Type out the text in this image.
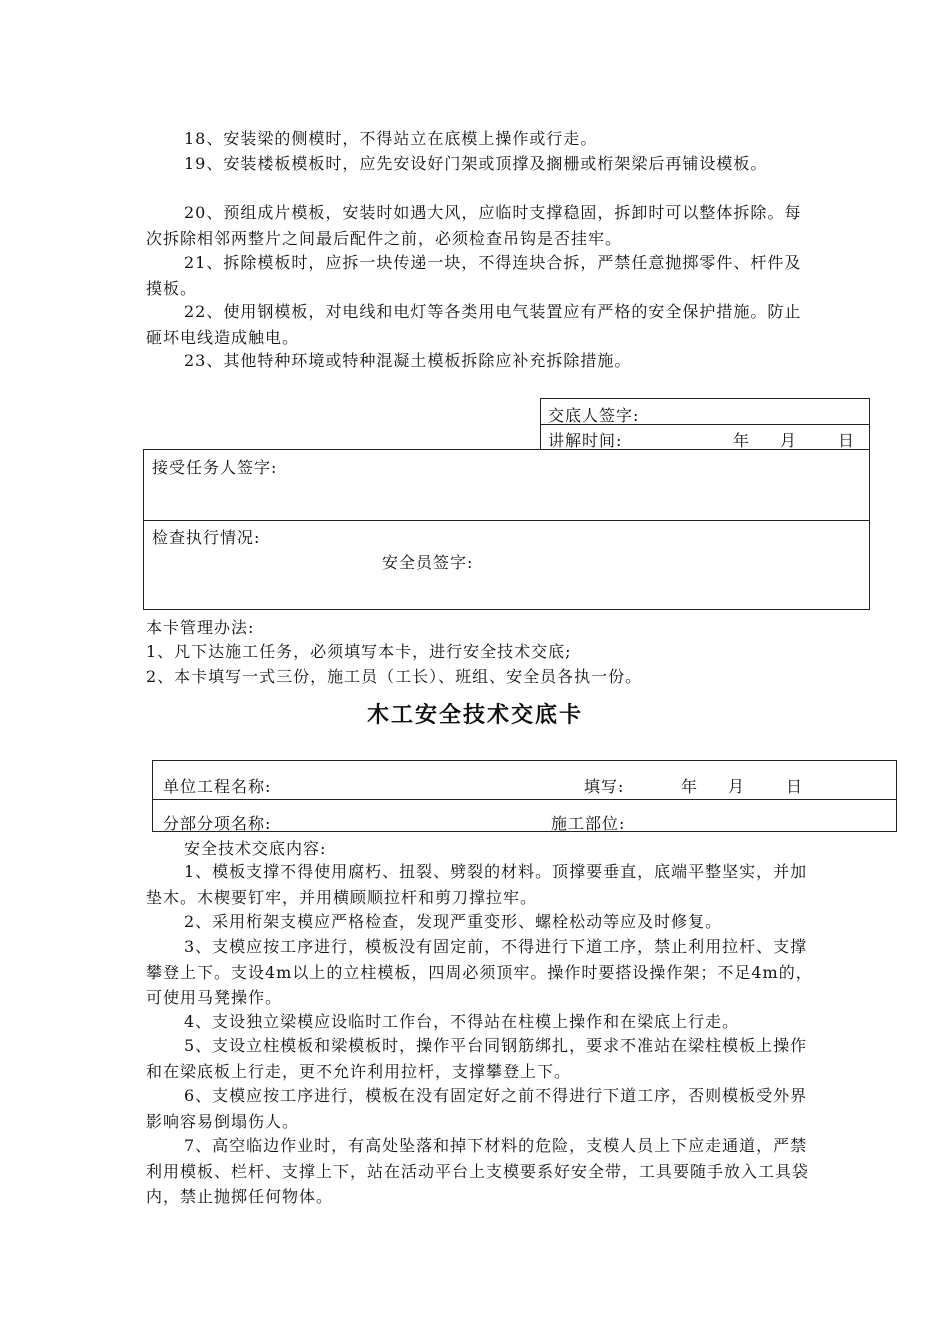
18、安装梁的侧模时，不得站立在底模上操作或行走。

19、安装楼板模板时，应先安设好门架或顶撑及搁栅或桁架梁后再铺设模板。

20、预组成片模板，安装时如遇大风，应临时支撑稳固，拆卸时可以整体拆除。每次拆除相邻两整片之间最后配件之前，必须检查吊钩是否挂牢。

21、拆除模板时，应拆一块传递一块，不得连块合拆，严禁任意抛掷零件、杆件及摸板。

22、使用钢模板，对电线和电灯等各类用电气装置应有严格的安全保护措施。防止砸坏电线造成触电。

23、其他特种环境或特种混凝土模板拆除应补充拆除措施。

交底人签字:
讲解时间:	年 月	日
接受任务人签字:
检查执行情况:
安全员签字:
本卡管理办法:
1、凡下达施工任务，必须填写本卡，进行安全技术交底;
2、本卡填写一式三份，施工员（工长）、班组、安全员各执一份。
木工安全技术交底卡
单位工程名称:	填写:	年 月	日
分部分项名称:	施工部位:
安全技术交底内容:

1、模板支撑不得使用腐朽、扭裂、劈裂的材料。顶撑要垂直，底端平整坚实，并加垫木。木楔要钉牢，并用横顾顺拉杆和剪刀撑拉牢。

2、采用桁架支模应严格检查，发现严重变形、螺栓松动等应及时修复。

3、支模应按工序进行，模板没有固定前，不得进行下道工序，禁止利用拉杆、支撑攀登上下。支设4m以上的立柱模板，四周必须顶牢。操作时要搭设操作架；不足4m的，可使用马凳操作。

4、支设独立梁模应设临时工作台，不得站在柱模上操作和在梁底上行走。

5、支设立柱模板和梁模板时，操作平台同钢筋绑扎，要求不准站在梁柱模板上操作和在梁底板上行走，更不允许利用拉杆，支撑攀登上下。

6、支模应按工序进行，模板在没有固定好之前不得进行下道工序，否则模板受外界影响容易倒塌伤人。

7、高空临边作业时，有高处坠落和掉下材料的危险，支模人员上下应走通道，严禁利用模板、栏杆、支撑上下，站在活动平台上支模要系好安全带，工具要随手放入工具袋内，禁止抛掷任何物体。
